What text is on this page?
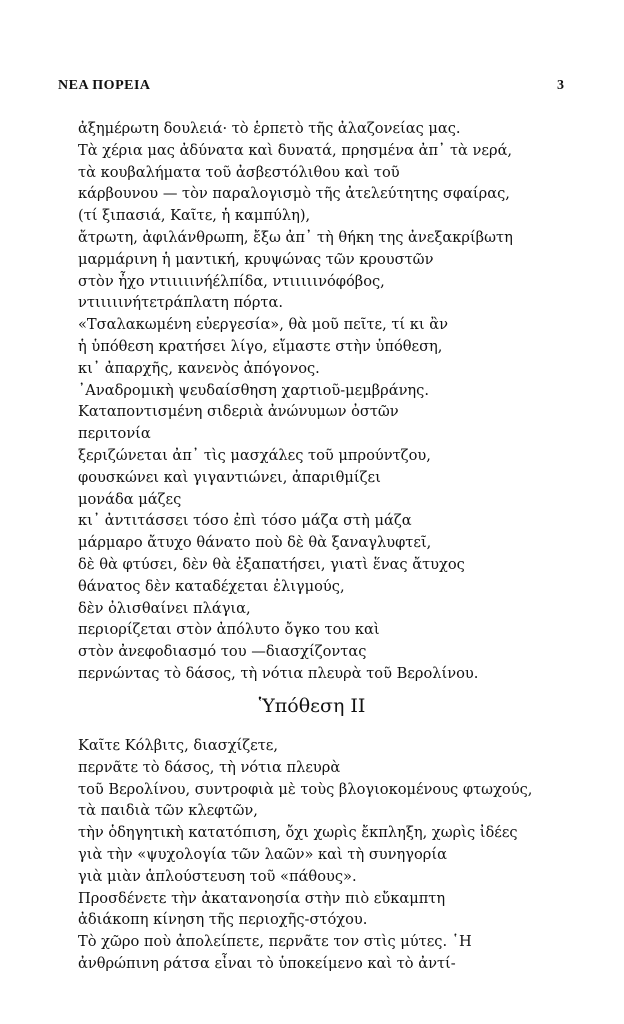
ΝΕΑ ΠΟΡΕΙΑ	3
ἀξημέρωτη δουλειά· τὸ ἑρπετὸ τῆς ἀλαζονείας μας.
Τὰ χέρια μας ἀδύνατα καὶ δυνατά, πρησμένα ἀπ᾿ τὰ νερά,
τὰ κουβαλήματα τοῦ ἀσβεστόλιθου καὶ τοῦ
κάρβουνου — τὸν παραλογισμὸ τῆς ἀτελεύτητης σφαίρας,
(τί ξιπασιά, Καῖτε, ἡ καμπύλη),
ἄτρωτη, ἀφιλάνθρωπη, ἔξω ἀπ᾿ τὴ θήκη της ἀνεξακρίβωτη
μαρμάρινη ἡ μαντική, κρυψώνας τῶν κρουστῶν
στὸν ἦχο ντιιιιινήέλπίδα, ντιιιιινόφόβος,
ντιιιιινήτετράπλατη πόρτα.
«Τσαλακωμένη εὐεργεσία», θὰ μοῦ πεῖτε, τί κι ἂν
ἡ ὑπόθεση κρατήσει λίγο, εἴμαστε στὴν ὑπόθεση,
κι᾿ ἀπαρχῆς, κανενὸς ἀπόγονος.
᾿Αναδρομικὴ ψευδαίσθηση χαρτιοῦ-μεμβράνης.
Καταποντισμένη σιδεριὰ ἀνώνυμων ὀστῶν
περιτονία
ξεριζώνεται ἀπ᾿ τὶς μασχάλες τοῦ μπρούντζου,
φουσκώνει καὶ γιγαντιώνει, ἀπαριθμίζει
μονάδα μάζες
κι᾿ ἀντιτάσσει τόσο ἐπὶ τόσο μάζα στὴ μάζα
μάρμαρο ἄτυχο θάνατο ποὺ δὲ θὰ ξαναγλυφτεῖ,
δὲ θὰ φτύσει, δὲν θὰ ἐξαπατήσει, γιατὶ ἕνας ἄτυχος
θάνατος δὲν καταδέχεται ἐλιγμούς,
δὲν ὀλισθαίνει πλάγια,
περιορίζεται στὸν ἀπόλυτο ὄγκο του καὶ
στὸν ἀνεφοδιασμό του —διασχίζοντας
περνώντας τὸ δάσος, τὴ νότια πλευρὰ τοῦ Βερολίνου.
Ὑπόθεση ΙΙ
Καῖτε Κόλβιτς, διασχίζετε,
περνᾶτε τὸ δάσος, τὴ νότια πλευρὰ
τοῦ Βερολίνου, συντροφιὰ μὲ τοὺς βλογιοκομένους φτωχούς,
τὰ παιδιὰ τῶν κλεφτῶν,
τὴν ὁδηγητικὴ κατατόπιση, ὄχι χωρὶς ἔκπληξη, χωρὶς ἰδέες
γιὰ τὴν «ψυχολογία τῶν λαῶν» καὶ τὴ συνηγορία
γιὰ μιὰν ἁπλούστευση τοῦ «πάθους».
Προσδένετε τὴν ἀκατανοησία στὴν πιὸ εὔκαμπτη
ἀδιάκοπη κίνηση τῆς περιοχῆς-στόχου.
Τὸ χῶρο ποὺ ἀπολείπετε, περνᾶτε τον στὶς μύτες. ῾Η
ἀνθρώπινη ράτσα εἶναι τὸ ὑποκείμενο καὶ τὸ ἀντί-
